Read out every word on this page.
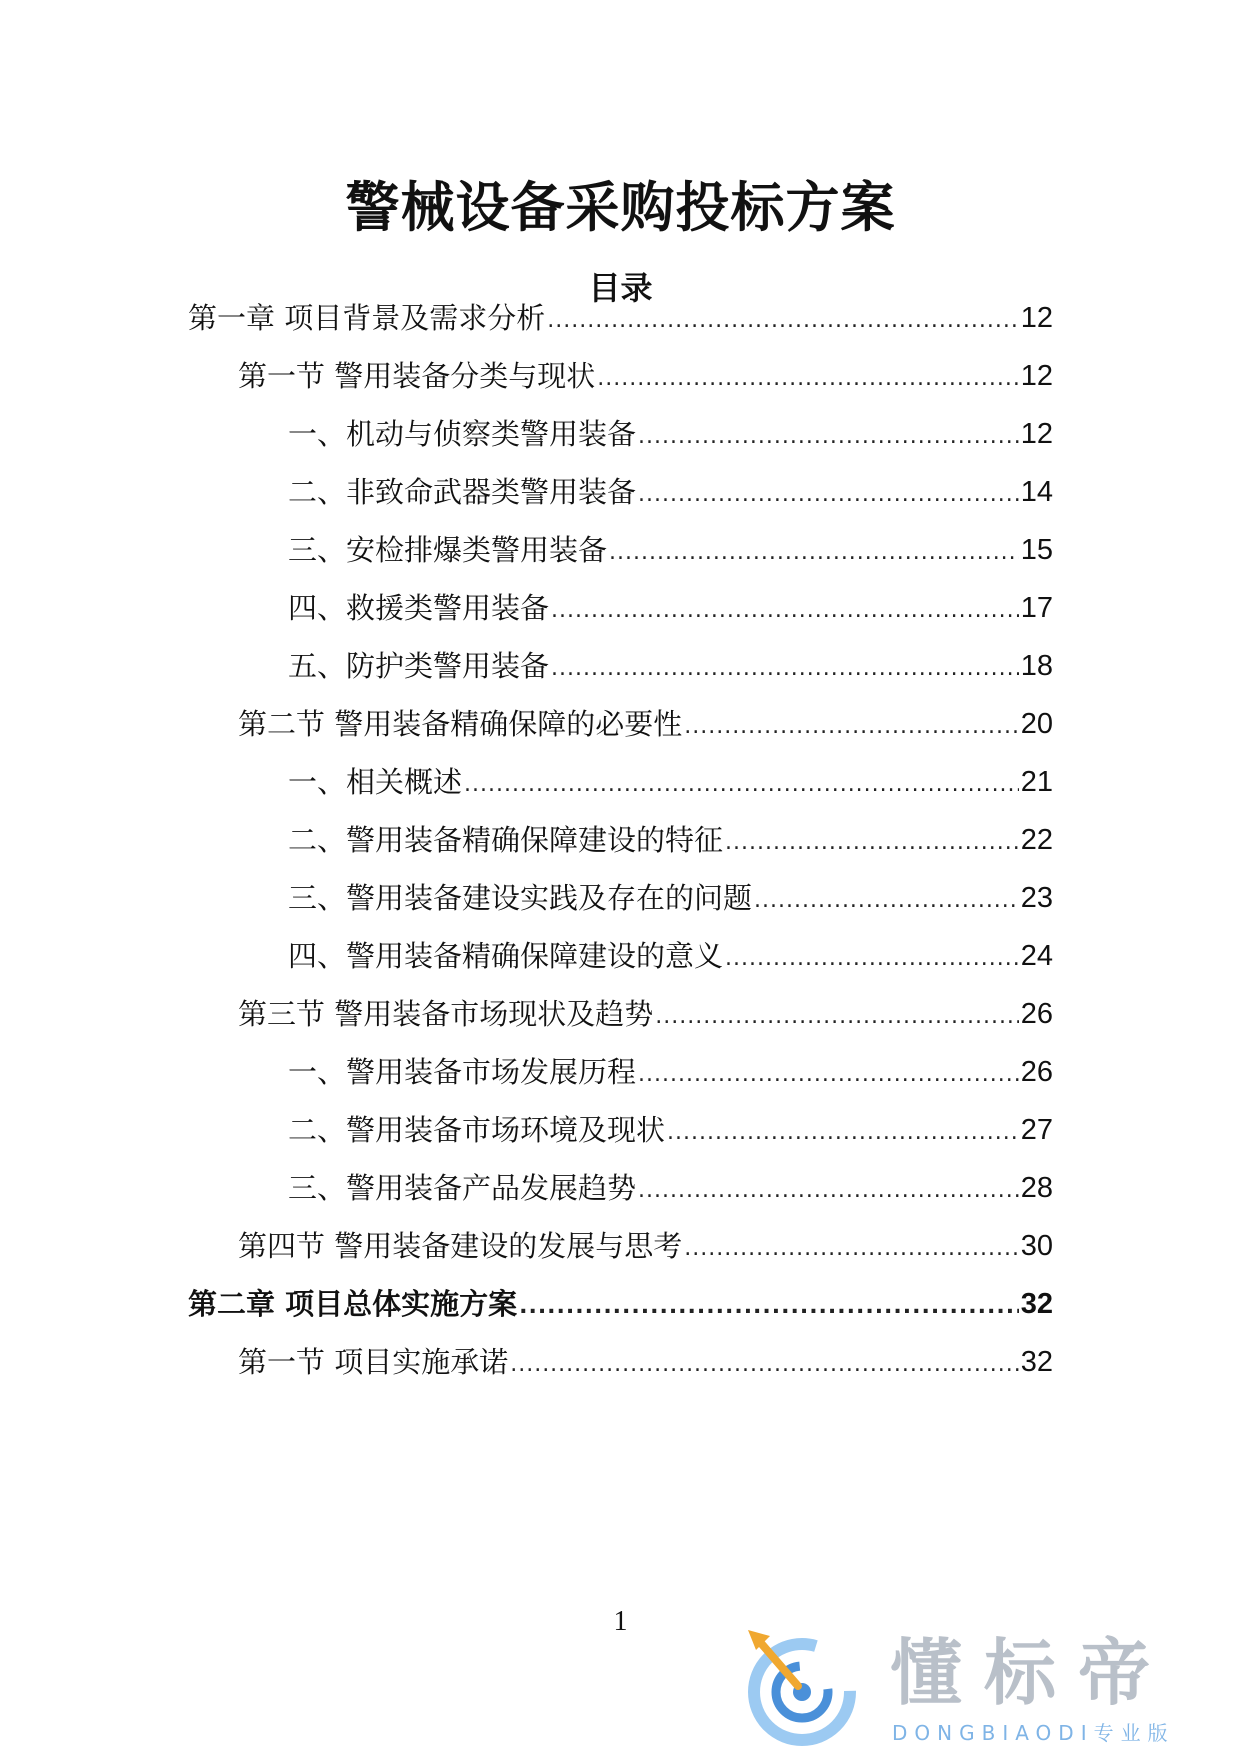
警械设备采购投标方案
目录
第一章 项目背景及需求分析 .....	12
第一节 警用装备分类与现状 .....	12
一、机动与侦察类警用装备 .....	12
二、非致命武器类警用装备 .....	14
三、安检排爆类警用装备 .....	15
四、救援类警用装备 .....	17
五、防护类警用装备 .....	18
第二节 警用装备精确保障的必要性 .....	20
一、相关概述 .....	21
二、警用装备精确保障建设的特征 .....	22
三、警用装备建设实践及存在的问题 .....	23
四、警用装备精确保障建设的意义 .....	24
第三节 警用装备市场现状及趋势 .....	26
一、警用装备市场发展历程 .....	26
二、警用装备市场环境及现状 .....	27
三、警用装备产品发展趋势 .....	28
第四节 警用装备建设的发展与思考 .....	30
第二章 项目总体实施方案 .....	32
第一节 项目实施承诺 .....	32
1
懂标帝
DONGBIAODI专业版
